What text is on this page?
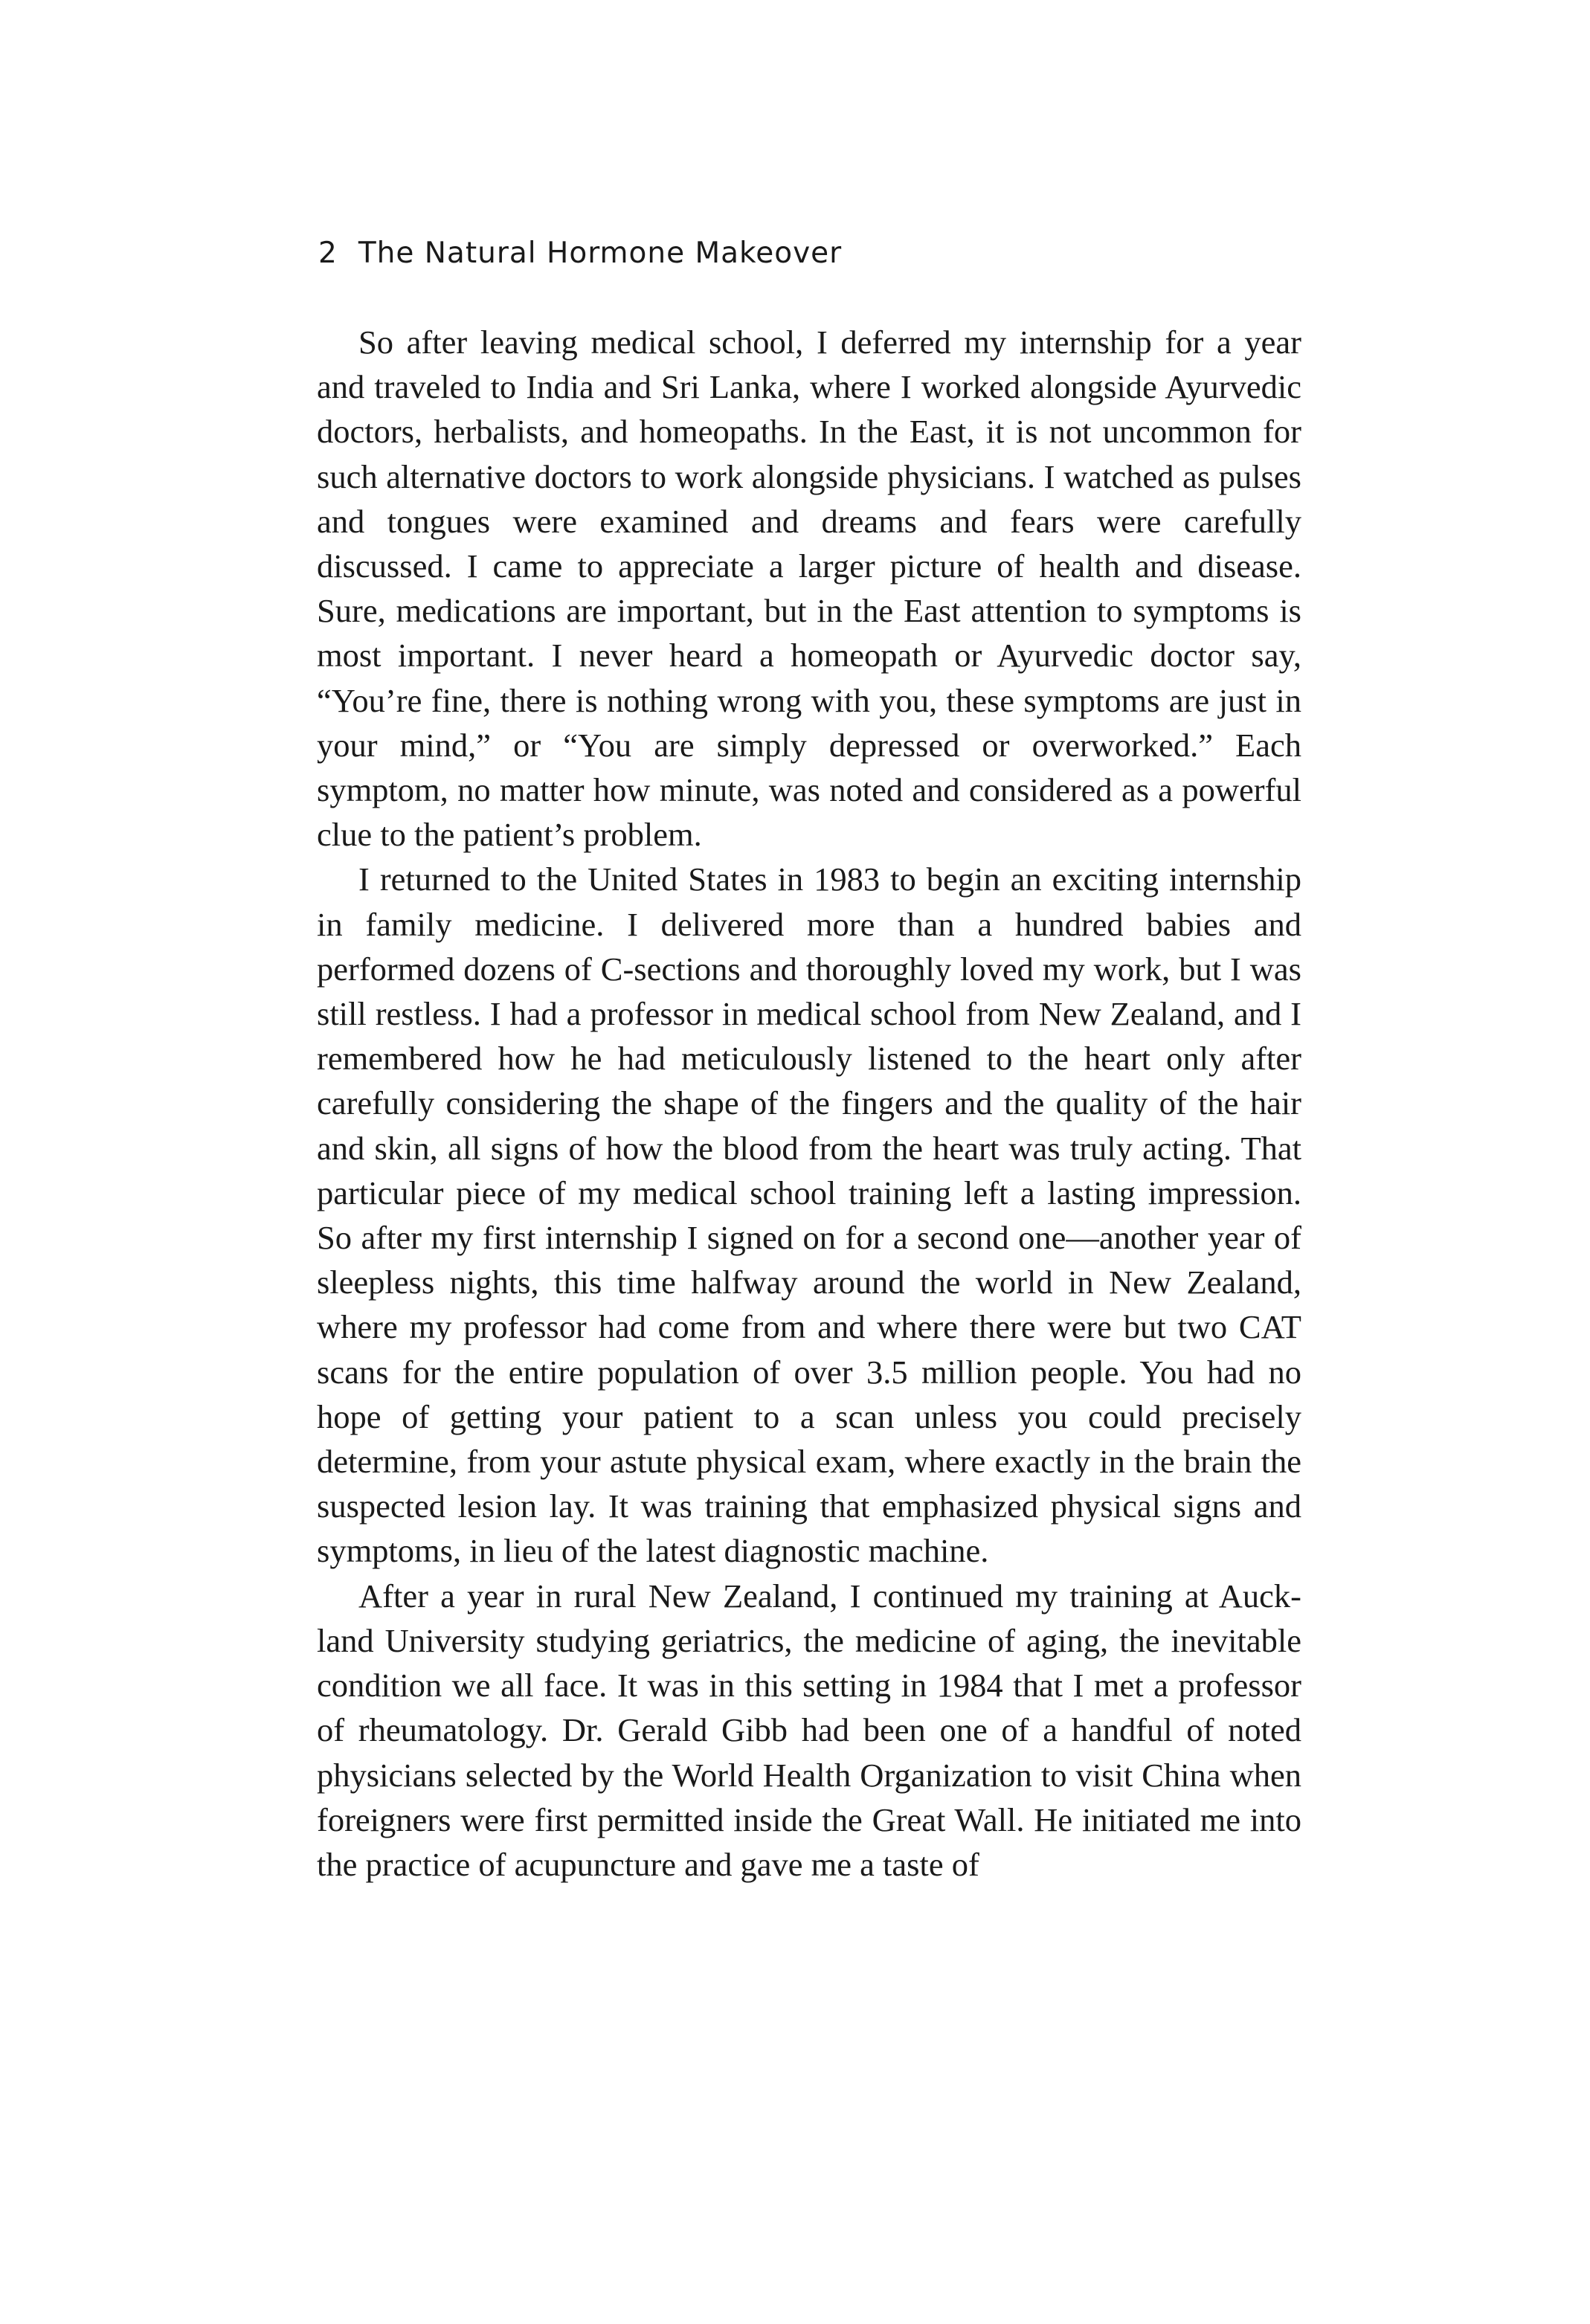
2 The Natural Hormone Makeover

So after leaving medical school, I deferred my internship for a year and traveled to India and Sri Lanka, where I worked alongside Ayurvedic doctors, herbalists, and homeopaths. In the East, it is not uncommon for such alternative doctors to work alongside physicians. I watched as pulses and tongues were examined and dreams and fears were carefully discussed. I came to appreciate a larger picture of health and disease. Sure, medications are important, but in the East attention to symptoms is most important. I never heard a homeopath or Ayurvedic doctor say, “You’re fine, there is nothing wrong with you, these symptoms are just in your mind,” or “You are simply depressed or overworked.” Each symptom, no matter how minute, was noted and considered as a powerful clue to the patient’s problem.

I returned to the United States in 1983 to begin an exciting internship in family medicine. I delivered more than a hundred babies and performed dozens of C-sections and thoroughly loved my work, but I was still restless. I had a professor in medical school from New Zealand, and I remembered how he had meticulously listened to the heart only after carefully considering the shape of the fingers and the quality of the hair and skin, all signs of how the blood from the heart was truly acting. That particular piece of my medical school training left a lasting impression. So after my first internship I signed on for a second one—another year of sleepless nights, this time halfway around the world in New Zealand, where my professor had come from and where there were but two CAT scans for the entire population of over 3.5 million people. You had no hope of getting your patient to a scan unless you could precisely determine, from your astute physical exam, where exactly in the brain the suspected lesion lay. It was training that emphasized physical signs and symptoms, in lieu of the latest diagnostic machine.

After a year in rural New Zealand, I continued my training at Auckland University studying geriatrics, the medicine of aging, the inevitable condition we all face. It was in this setting in 1984 that I met a professor of rheumatology. Dr. Gerald Gibb had been one of a handful of noted physicians selected by the World Health Organization to visit China when foreigners were first permitted inside the Great Wall. He initiated me into the practice of acupuncture and gave me a taste of
